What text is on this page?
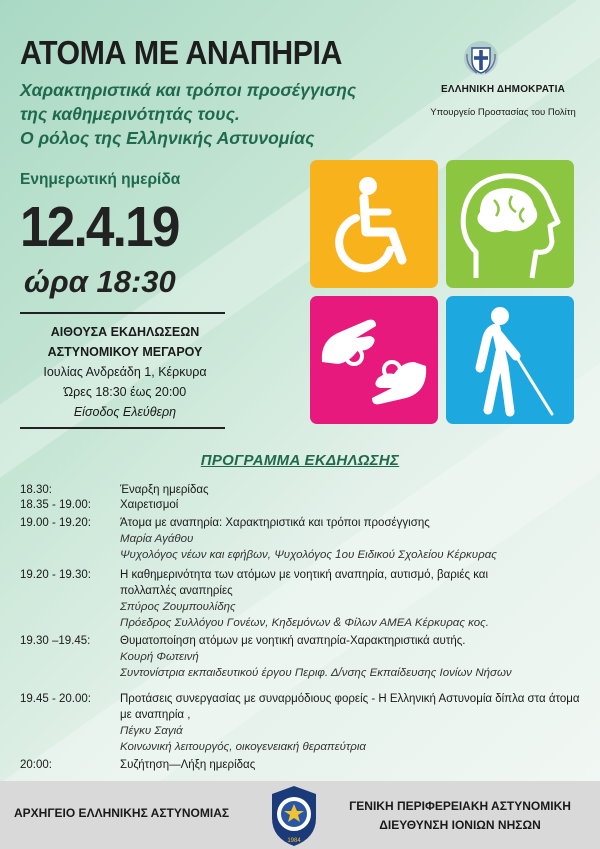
ΑΤΟΜΑ ΜΕ ΑΝΑΠΗΡΙΑ
Χαρακτηριστικά και τρόποι προσέγγισης
της καθημερινότητάς τους.
Ο ρόλος της Ελληνικής Αστυνομίας
ΕΛΛΗΝΙΚΗ ΔΗΜΟΚΡΑΤΙΑ
Υπουργείο Προστασίας του Πολίτη
Ενημερωτική ημερίδα
12.4.19
ώρα 18:30
ΑΙΘΟΥΣΑ ΕΚΔΗΛΩΣΕΩΝ
ΑΣΤΥΝΟΜΙΚΟΥ ΜΕΓΑΡΟΥ
Ιουλίας Ανδρεάδη 1, Κέρκυρα
Ώρες 18:30 έως 20:00
Είσοδος Ελεύθερη
ΠΡΟΓΡΑΜΜΑ ΕΚΔΗΛΩΣΗΣ
18.30:	Έναρξη ημερίδας
18.35 - 19.00:	Χαιρετισμοί
19.00 - 19.20:	Άτομα με αναπηρία: Χαρακτηριστικά και τρόποι προσέγγισης
Μαρία Αγάθου
Ψυχολόγος νέων και εφήβων, Ψυχολόγος 1ου Ειδικού Σχολείου Κέρκυρας
19.20 - 19.30:	Η καθημερινότητα των ατόμων με νοητική αναπηρία, αυτισμό, βαριές και πολλαπλές αναπηρίες
Σπύρος Ζουμπουλίδης
Πρόεδρος Συλλόγου Γονέων, Κηδεμόνων & Φίλων ΑΜΕΑ Κέρκυρας κος.
19.30 –19.45:	Θυματοποίηση ατόμων με νοητική αναπηρία-Χαρακτηριστικά αυτής.
Κουρή Φωτεινή
Συντονίστρια εκπαιδευτικού έργου Περιφ. Δ/νσης Εκπαίδευσης Ιονίων Νήσων
19.45 - 20.00:	Προτάσεις συνεργασίας με συναρμόδιους φορείς - Η Ελληνική Αστυνομία δίπλα στα άτομα με αναπηρία ,
Πέγκυ Σαγιά
Κοινωνική λειτουργός, οικογενειακή θεραπεύτρια
20:00:	Συζήτηση—Λήξη ημερίδας
ΑΡΧΗΓΕΙΟ ΕΛΛΗΝΙΚΗΣ ΑΣΤΥΝΟΜΙΑΣ
1984
ΓΕΝΙΚΗ ΠΕΡΙΦΕΡΕΙΑΚΗ ΑΣΤΥΝΟΜΙΚΗ
ΔΙΕΥΘΥΝΣΗ ΙΟΝΙΩΝ ΝΗΣΩΝ
